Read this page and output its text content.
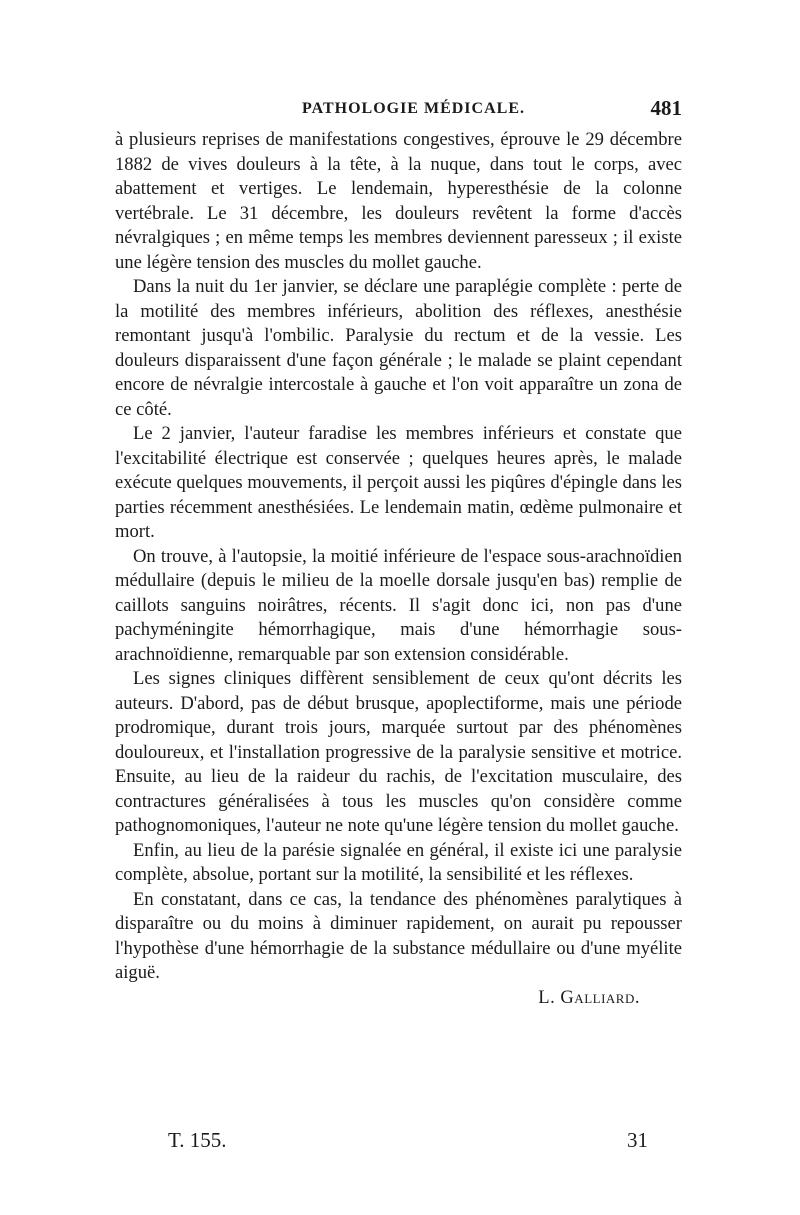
PATHOLOGIE MÉDICALE.	481

à plusieurs reprises de manifestations congestives, éprouve le 29 décembre 1882 de vives douleurs à la tête, à la nuque, dans tout le corps, avec abattement et vertiges. Le lendemain, hyperesthésie de la colonne vertébrale. Le 31 décembre, les douleurs revêtent la forme d'accès névralgiques ; en même temps les membres deviennent paresseux ; il existe une légère tension des muscles du mollet gauche.

Dans la nuit du 1er janvier, se déclare une paraplégie complète : perte de la motilité des membres inférieurs, abolition des réflexes, anesthésie remontant jusqu'à l'ombilic. Paralysie du rectum et de la vessie. Les douleurs disparaissent d'une façon générale ; le malade se plaint cependant encore de névralgie intercostale à gauche et l'on voit apparaître un zona de ce côté.

Le 2 janvier, l'auteur faradise les membres inférieurs et constate que l'excitabilité électrique est conservée ; quelques heures après, le malade exécute quelques mouvements, il perçoit aussi les piqûres d'épingle dans les parties récemment anesthésiées. Le lendemain matin, œdème pulmonaire et mort.

On trouve, à l'autopsie, la moitié inférieure de l'espace sous-arachnoïdien médullaire (depuis le milieu de la moelle dorsale jusqu'en bas) remplie de caillots sanguins noirâtres, récents. Il s'agit donc ici, non pas d'une pachyméningite hémorrhagique, mais d'une hémorrhagie sous-arachnoïdienne, remarquable par son extension considérable.

Les signes cliniques diffèrent sensiblement de ceux qu'ont décrits les auteurs. D'abord, pas de début brusque, apoplectiforme, mais une période prodromique, durant trois jours, marquée surtout par des phénomènes douloureux, et l'installation progressive de la paralysie sensitive et motrice. Ensuite, au lieu de la raideur du rachis, de l'excitation musculaire, des contractures généralisées à tous les muscles qu'on considère comme pathognomoniques, l'auteur ne note qu'une légère tension du mollet gauche.

Enfin, au lieu de la parésie signalée en général, il existe ici une paralysie complète, absolue, portant sur la motilité, la sensibilité et les réflexes.

En constatant, dans ce cas, la tendance des phénomènes paralytiques à disparaître ou du moins à diminuer rapidement, on aurait pu repousser l'hypothèse d'une hémorrhagie de la substance médullaire ou d'une myélite aiguë.

L. Galliard.
T. 155.	31
